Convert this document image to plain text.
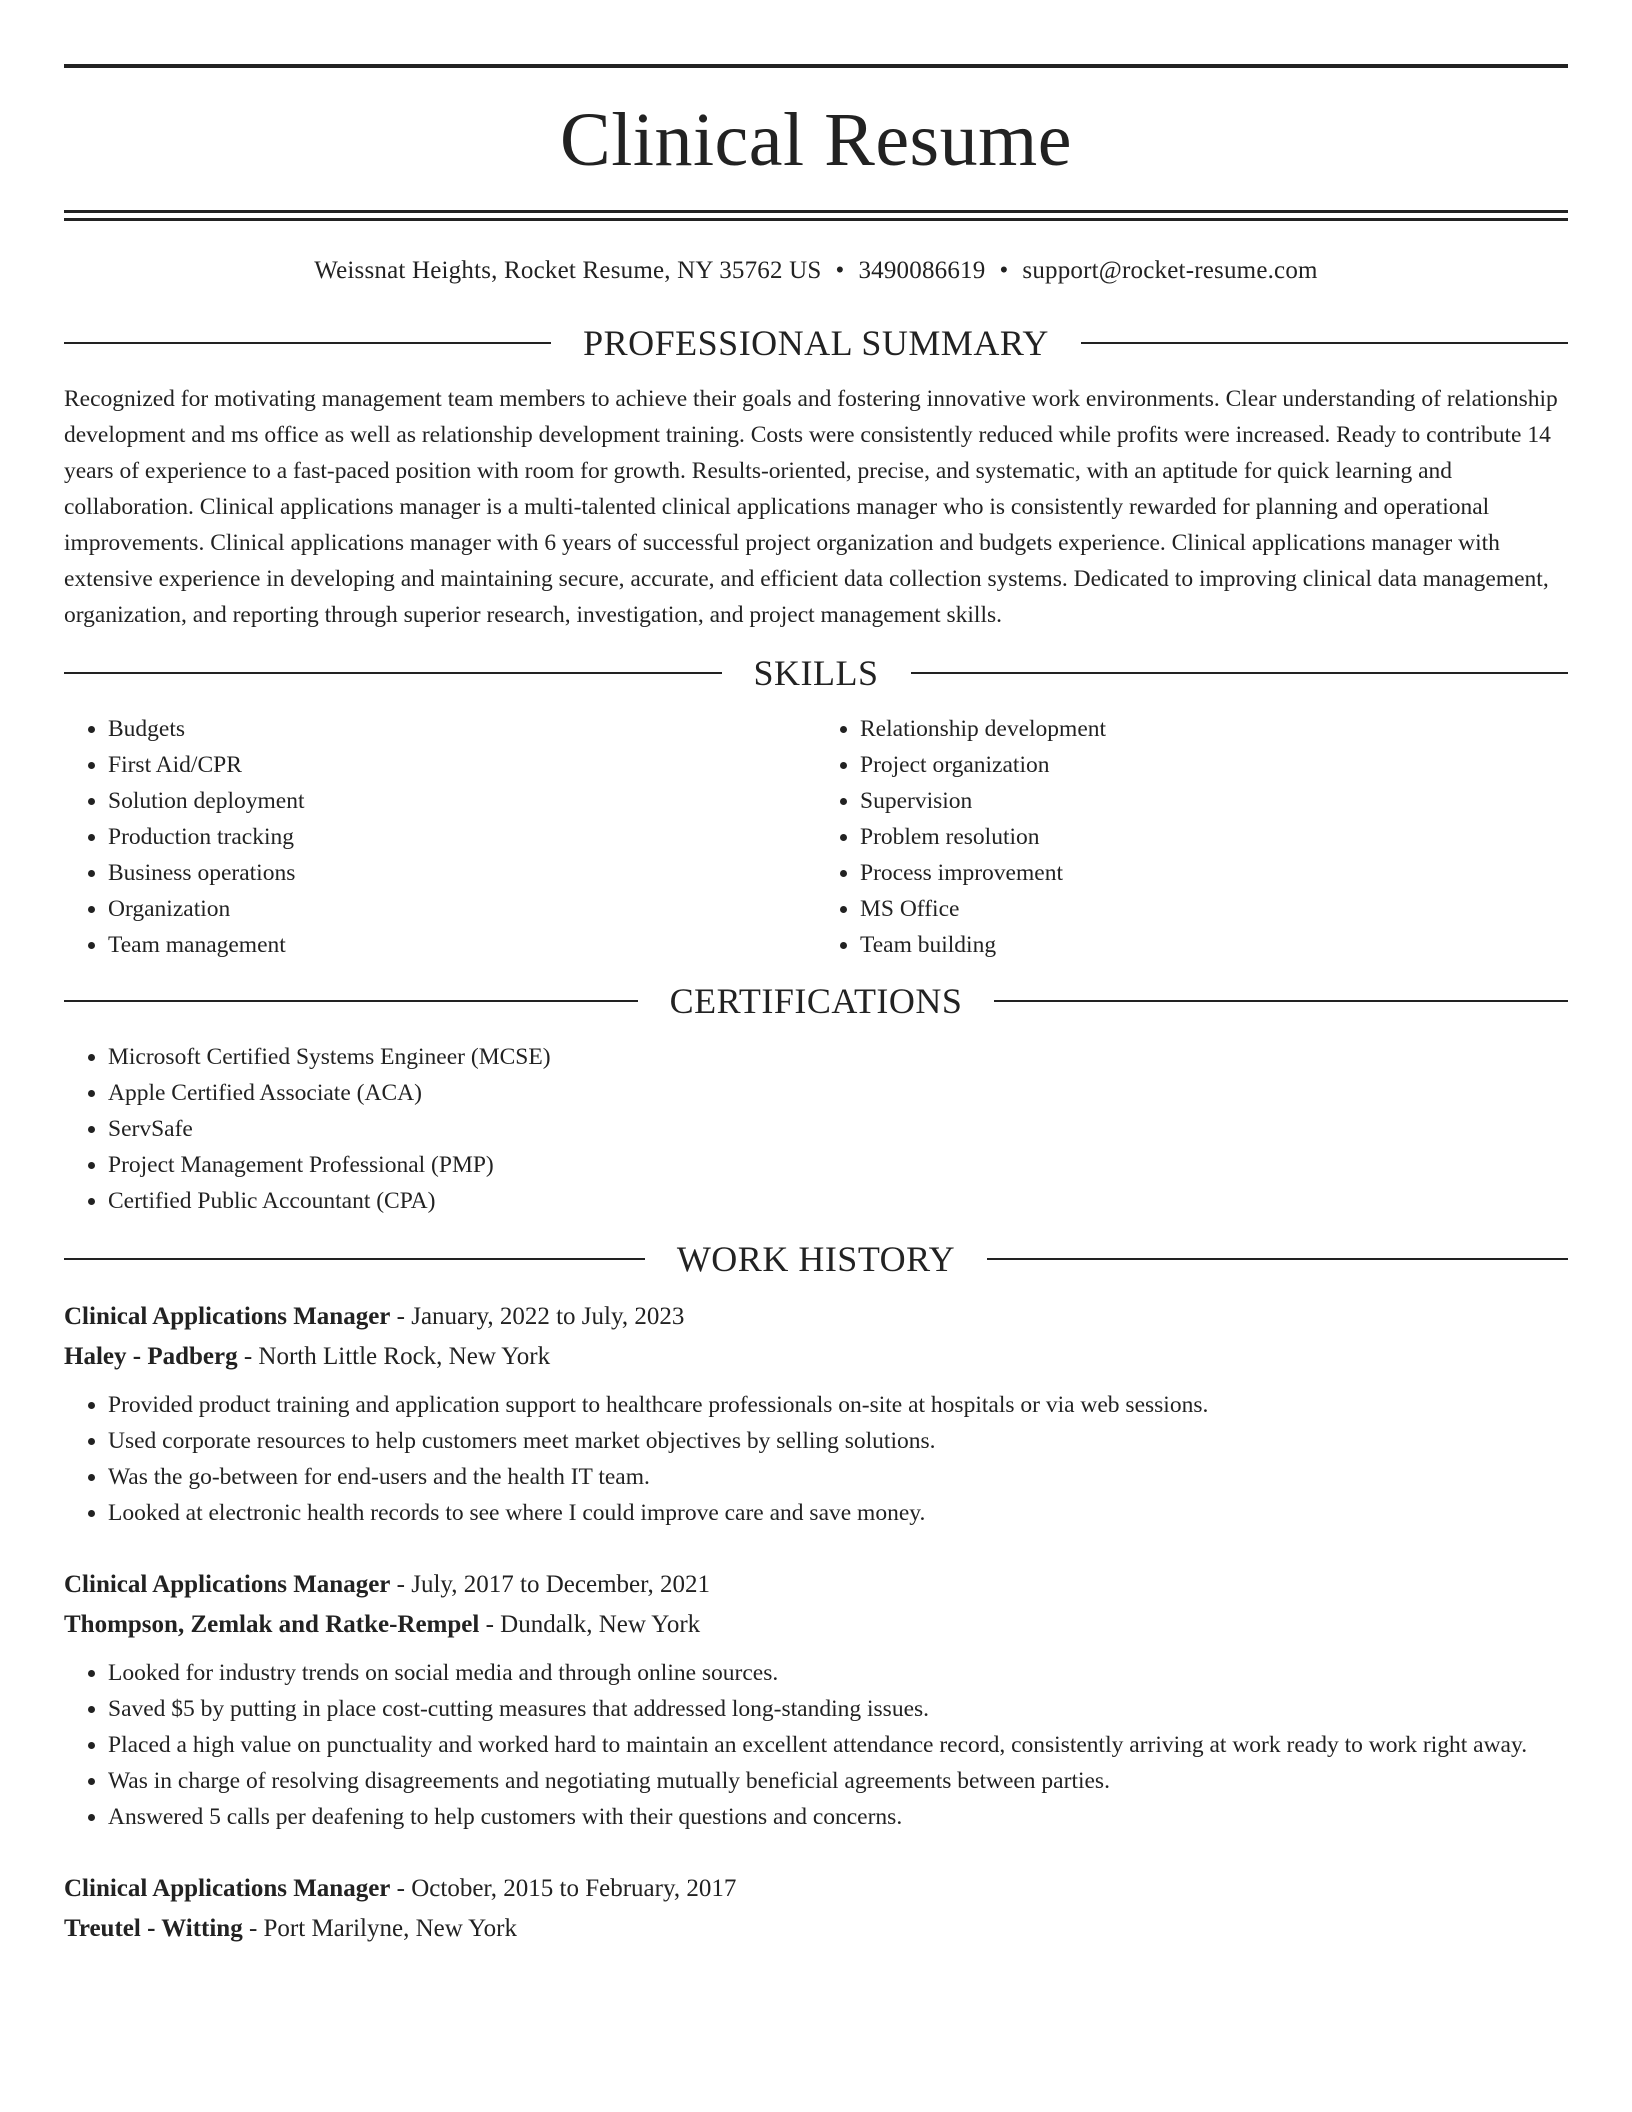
Clinical Resume
Weissnat Heights, Rocket Resume, NY 35762 US • 3490086619 • support@rocket-resume.com
PROFESSIONAL SUMMARY

Recognized for motivating management team members to achieve their goals and fostering innovative work environments. Clear understanding of relationship development and ms office as well as relationship development training. Costs were consistently reduced while profits were increased. Ready to contribute 14 years of experience to a fast-paced position with room for growth. Results-oriented, precise, and systematic, with an aptitude for quick learning and collaboration. Clinical applications manager is a multi-talented clinical applications manager who is consistently rewarded for planning and operational improvements. Clinical applications manager with 6 years of successful project organization and budgets experience. Clinical applications manager with extensive experience in developing and maintaining secure, accurate, and efficient data collection systems. Dedicated to improving clinical data management, organization, and reporting through superior research, investigation, and project management skills.

SKILLS
• Budgets
• First Aid/CPR
• Solution deployment
• Production tracking
• Business operations
• Organization
• Team management
• Relationship development
• Project organization
• Supervision
• Problem resolution
• Process improvement
• MS Office
• Team building
CERTIFICATIONS
• Microsoft Certified Systems Engineer (MCSE)
• Apple Certified Associate (ACA)
• ServSafe
• Project Management Professional (PMP)
• Certified Public Accountant (CPA)
WORK HISTORY
Clinical Applications Manager - January, 2022 to July, 2023
Haley - Padberg - North Little Rock, New York
• Provided product training and application support to healthcare professionals on-site at hospitals or via web sessions.
• Used corporate resources to help customers meet market objectives by selling solutions.
• Was the go-between for end-users and the health IT team.
• Looked at electronic health records to see where I could improve care and save money.
Clinical Applications Manager - July, 2017 to December, 2021
Thompson, Zemlak and Ratke-Rempel - Dundalk, New York
• Looked for industry trends on social media and through online sources.
• Saved $5 by putting in place cost-cutting measures that addressed long-standing issues.
• Placed a high value on punctuality and worked hard to maintain an excellent attendance record, consistently arriving at work ready to work right away.
• Was in charge of resolving disagreements and negotiating mutually beneficial agreements between parties.
• Answered 5 calls per deafening to help customers with their questions and concerns.
Clinical Applications Manager - October, 2015 to February, 2017
Treutel - Witting - Port Marilyne, New York
